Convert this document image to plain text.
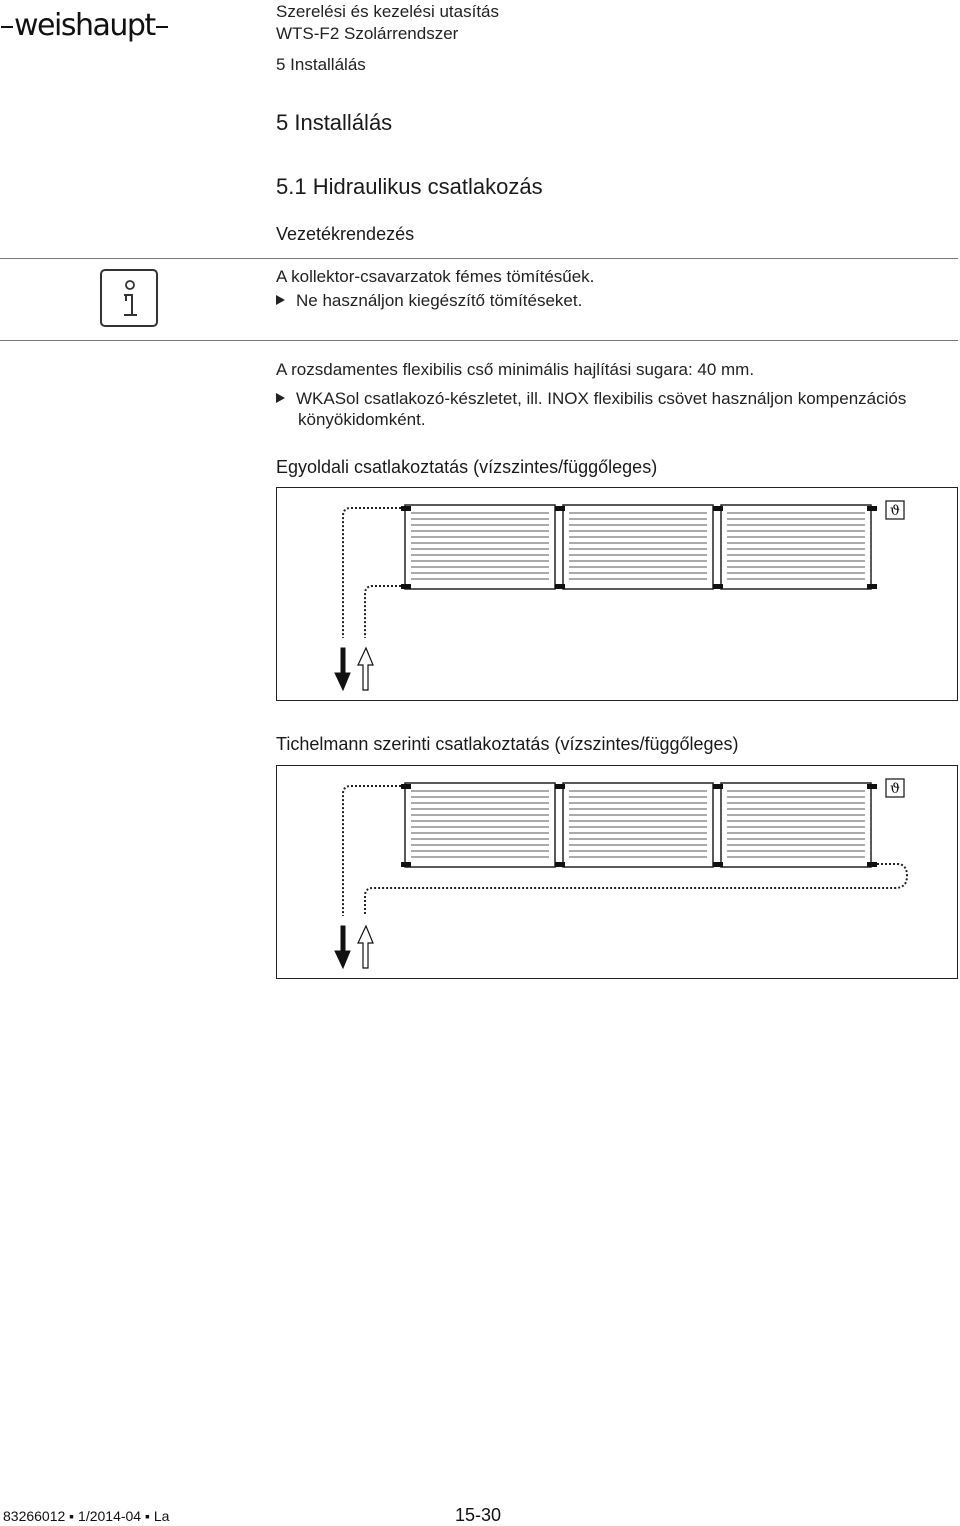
weishaupt	Szerelési és kezelési utasítás
WTS-F2 Szolárrendszer
5 Installálás
5 Installálás
5.1 Hidraulikus csatlakozás
Vezetékrendezés
A kollektor-csavarzatok fémes tömítésűek.
Ne használjon kiegészítő tömítéseket.
A rozsdamentes flexibilis cső minimális hajlítási sugara: 40 mm.
WKASol csatlakozó-készletet, ill. INOX flexibilis csövet használjon kompenzációs
könyökidomként.
Egyoldali csatlakoztatás (vízszintes/függőleges)
ϑ
Tichelmann szerinti csatlakoztatás (vízszintes/függőleges)
ϑ
83266012 ▪ 1/2014-04 ▪ La	15-30
